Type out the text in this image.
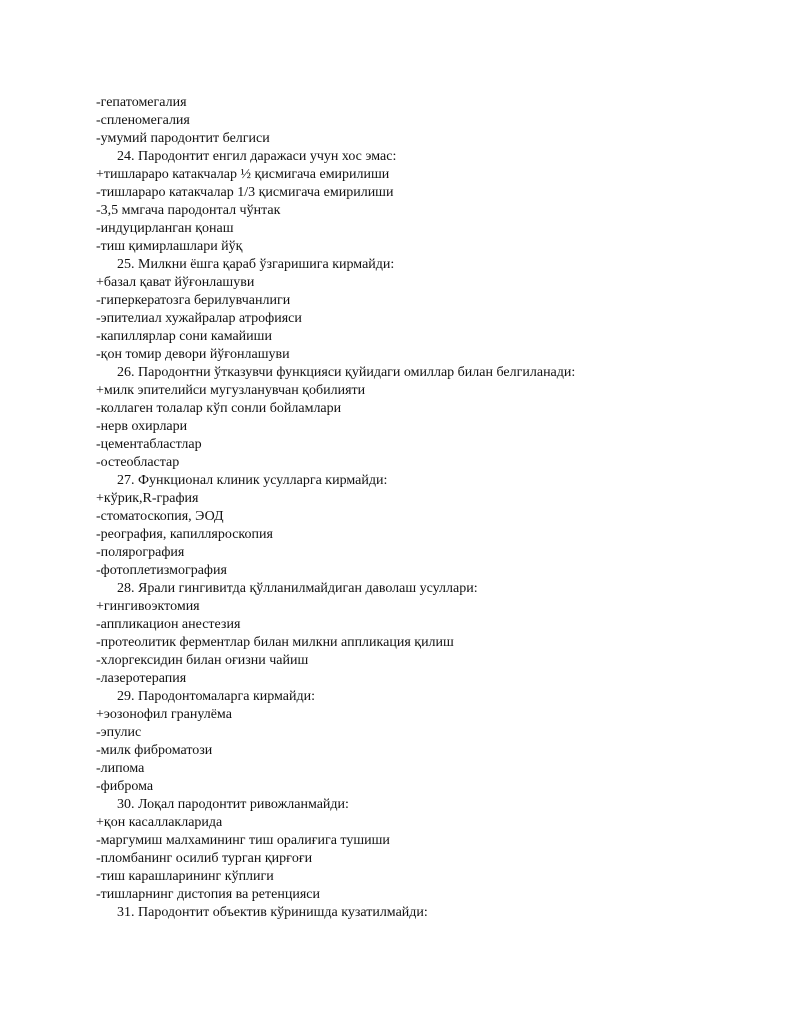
-гепатомегалия
-спленомегалия
-умумий пародонтит белгиси
24. Пародонтит енгил даражаси учун хос эмас:
+тишлараро катакчалар ½ қисмигача емирилиши
-тишлараро катакчалар 1/3 қисмигача емирилиши
-3,5 ммгача пародонтал чўнтак
-индуцирланган қонаш
-тиш қимирлашлари йўқ
25. Милкни ёшга қараб ўзгаришига кирмайди:
+базал қават йўғонлашуви
-гиперкератозга берилувчанлиги
-эпителиал хужайралар атрофияси
-капиллярлар сони камайиши
-қон томир девори йўғонлашуви
26. Пародонтни ўтказувчи функцияси қуйидаги омиллар билан белгиланади:
+милк эпителийси мугузланувчан қобилияти
-коллаген толалар кўп сонли бойламлари
-нерв охирлари
-цементабластлар
-остеобластар
27. Функционал клиник усулларга кирмайди:
+кўрик,R-графия
-стоматоскопия, ЭОД
-реография, капилляроскопия
-полярография
-фотоплетизмография
28. Ярали гингивитда қўлланилмайдиган даволаш усуллари:
+гингивоэктомия
-аппликацион анестезия
-протеолитик ферментлар билан милкни аппликация қилиш
-хлоргексидин билан оғизни чайиш
-лазеротерапия
29. Пародонтомаларга кирмайди:
+эозонофил гранулёма
-эпулис
-милк фиброматози
-липома
-фиброма
30. Лоқал пародонтит ривожланмайди:
+қон касаллакларида
-маргумиш малхамининг тиш оралиғига тушиши
-пломбанинг осилиб турган қирғоғи
-тиш карашларининг кўплиги
-тишларнинг дистопия ва ретенцияси
31. Пародонтит объектив кўринишда кузатилмайди:
